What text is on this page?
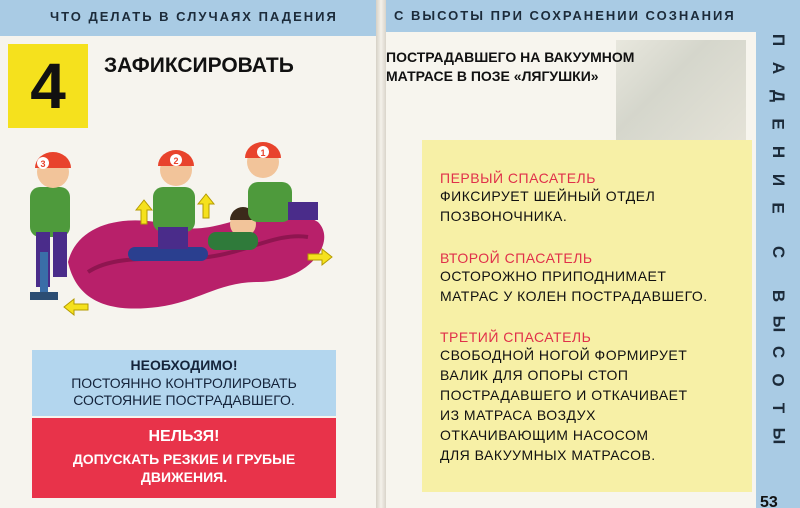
ЧТО ДЕЛАТЬ В СЛУЧАЯХ ПАДЕНИЯ
4	ЗАФИКСИРОВАТЬ
3	2
1
НЕОБХОДИМО!
ПОСТОЯННО КОНТРОЛИРОВАТЬ
СОСТОЯНИЕ ПОСТРАДАВШЕГО.
НЕЛЬЗЯ!
ДОПУСКАТЬ РЕЗКИЕ И ГРУБЫЕ
ДВИЖЕНИЯ.
С ВЫСОТЫ ПРИ СОХРАНЕНИИ СОЗНАНИЯ
ПОСТРАДАВШЕГО НА ВАКУУМНОМ
МАТРАСЕ В ПОЗЕ «ЛЯГУШКИ»
ПЕРВЫЙ СПАСАТЕЛЬ
ФИКСИРУЕТ ШЕЙНЫЙ ОТДЕЛ
ПОЗВОНОЧНИКА.
ВТОРОЙ СПАСАТЕЛЬ
ОСТОРОЖНО ПРИПОДНИМАЕТ
МАТРАС У КОЛЕН ПОСТРАДАВШЕГО.
ТРЕТИЙ СПАСАТЕЛЬ
СВОБОДНОЙ НОГОЙ ФОРМИРУЕТ
ВАЛИК ДЛЯ ОПОРЫ СТОП
ПОСТРАДАВШЕГО И ОТКАЧИВАЕТ
ИЗ МАТРАСА ВОЗДУХ
ОТКАЧИВАЮЩИМ НАСОСОМ
ДЛЯ ВАКУУМНЫХ МАТРАСОВ.
П
А
Д
Е
Н
И
Е
С
В
Ы
С
О
Т
Ы
53
